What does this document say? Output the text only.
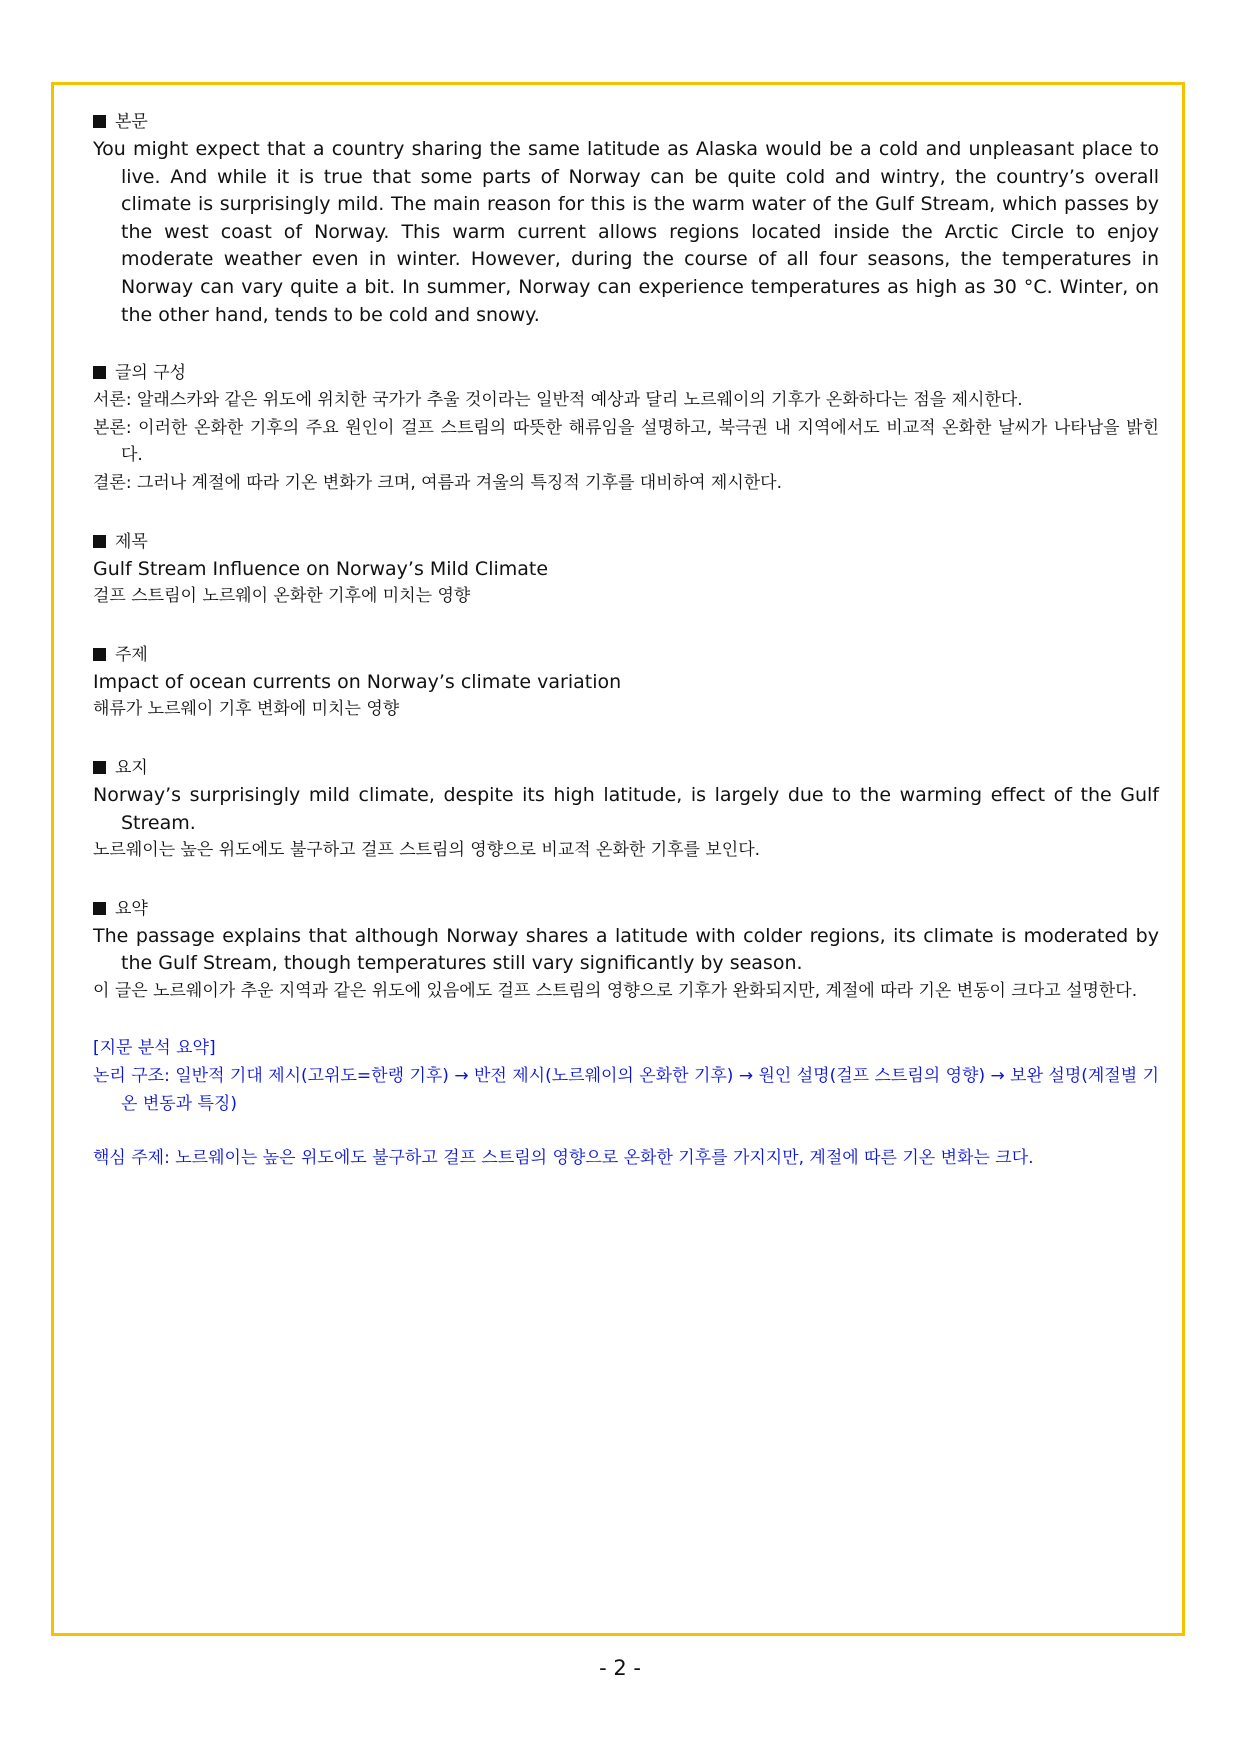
본문
You might expect that a country sharing the same latitude as Alaska would be a cold and unpleasant place to live. And while it is true that some parts of Norway can be quite cold and wintry, the country’s overall climate is surprisingly mild. The main reason for this is the warm water of the Gulf Stream, which passes by the west coast of Norway. This warm current allows regions located inside the Arctic Circle to enjoy moderate weather even in winter. However, during the course of all four seasons, the temperatures in Norway can vary quite a bit. In summer, Norway can experience temperatures as high as 30 °C. Winter, on the other hand, tends to be cold and snowy.
글의 구성
서론: 알래스카와 같은 위도에 위치한 국가가 추울 것이라는 일반적 예상과 달리 노르웨이의 기후가 온화하다는 점을 제시한다.
본론: 이러한 온화한 기후의 주요 원인이 걸프 스트림의 따뜻한 해류임을 설명하고, 북극권 내 지역에서도 비교적 온화한 날씨가 나타남을 밝힌다.
결론: 그러나 계절에 따라 기온 변화가 크며, 여름과 겨울의 특징적 기후를 대비하여 제시한다.
제목
Gulf Stream Influence on Norway’s Mild Climate
걸프 스트림이 노르웨이 온화한 기후에 미치는 영향
주제
Impact of ocean currents on Norway’s climate variation
해류가 노르웨이 기후 변화에 미치는 영향
요지
Norway’s surprisingly mild climate, despite its high latitude, is largely due to the warming effect of the Gulf Stream.
노르웨이는 높은 위도에도 불구하고 걸프 스트림의 영향으로 비교적 온화한 기후를 보인다.
요약
The passage explains that although Norway shares a latitude with colder regions, its climate is moderated by the Gulf Stream, though temperatures still vary significantly by season.
이 글은 노르웨이가 추운 지역과 같은 위도에 있음에도 걸프 스트림의 영향으로 기후가 완화되지만, 계절에 따라 기온 변동이 크다고 설명한다.
[지문 분석 요약]
논리 구조: 일반적 기대 제시(고위도=한랭 기후) → 반전 제시(노르웨이의 온화한 기후) → 원인 설명(걸프 스트림의 영향) → 보완 설명(계절별 기온 변동과 특징)
핵심 주제: 노르웨이는 높은 위도에도 불구하고 걸프 스트림의 영향으로 온화한 기후를 가지지만, 계절에 따른 기온 변화는 크다.
- 2 -
